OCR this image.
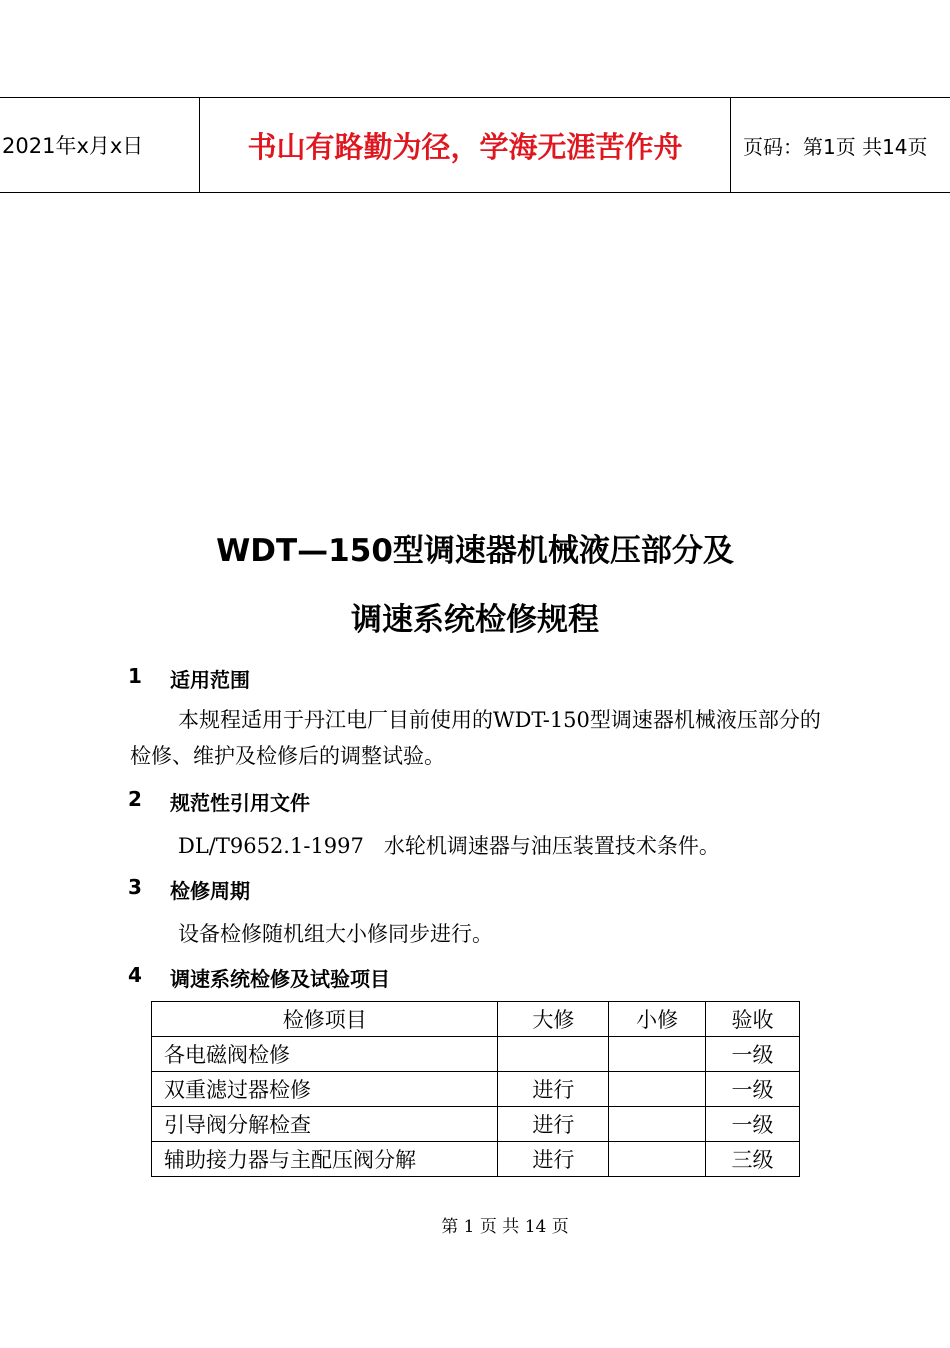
2021年x月x日	书山有路勤为径，学海无涯苦作舟	页码：第1页 共14页
WDT—150型调速器机械液压部分及
调速系统检修规程
1	适用范围
本规程适用于丹江电厂目前使用的WDT-150型调速器机械液压部分的检修、维护及检修后的调整试验。
2	规范性引用文件
DL/T9652.1-1997   水轮机调速器与油压装置技术条件。
3	检修周期
设备检修随机组大小修同步进行。
4	调速系统检修及试验项目
检修项目	大修	小修	验收
各电磁阀检修			一级
双重滤过器检修	进行		一级
引导阀分解检查	进行		一级
辅助接力器与主配压阀分解	进行		三级
第 1 页 共 14 页
